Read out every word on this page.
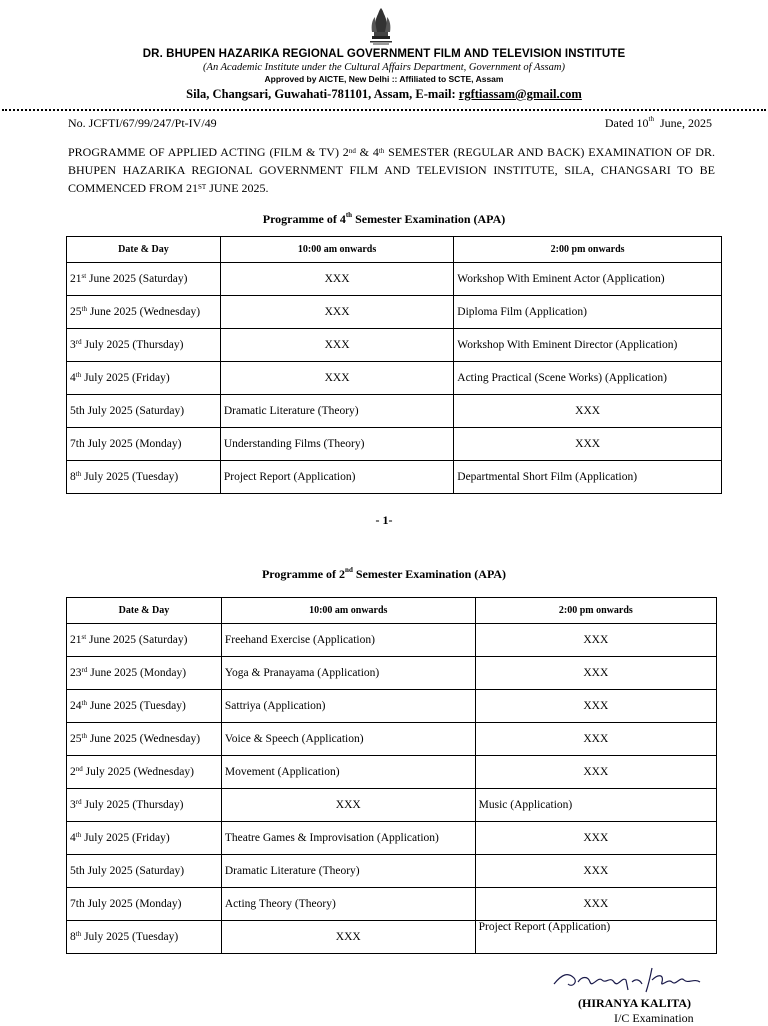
DR. BHUPEN HAZARIKA REGIONAL GOVERNMENT FILM AND TELEVISION INSTITUTE
(An Academic Institute under the Cultural Affairs Department, Government of Assam)
Approved by AICTE, New Delhi :: Affiliated to SCTE, Assam
Sila, Changsari, Guwahati-781101, Assam, E-mail: rgftiassam@gmail.com
No. JCFTI/67/99/247/Pt-IV/49	Dated 10th  June, 2025
PROGRAMME OF APPLIED ACTING (FILM & TV) 2nd & 4th SEMESTER (REGULAR AND BACK) EXAMINATION OF DR. BHUPEN HAZARIKA REGIONAL GOVERNMENT FILM AND TELEVISION INSTITUTE, SILA, CHANGSARI TO BE COMMENCED FROM 21ST JUNE 2025.
Programme of 4th Semester Examination (APA)
Date & Day	10:00 am onwards	2:00 pm onwards
21st June 2025 (Saturday)	XXX	Workshop With Eminent Actor (Application)
25th June 2025 (Wednesday)	XXX	Diploma Film (Application)
3rd July 2025 (Thursday)	XXX	Workshop With Eminent Director (Application)
4th July 2025 (Friday)	XXX	Acting Practical (Scene Works) (Application)
5th July 2025 (Saturday)	Dramatic Literature (Theory)	XXX
7th July 2025 (Monday)	Understanding Films (Theory)	XXX
8th July 2025 (Tuesday)	Project Report (Application)	Departmental Short Film (Application)
- 1-
Programme of 2nd Semester Examination (APA)
Date & Day	10:00 am onwards	2:00 pm onwards
21st June 2025 (Saturday)	Freehand Exercise (Application)	XXX
23rd June 2025 (Monday)	Yoga & Pranayama (Application)	XXX
24th June 2025 (Tuesday)	Sattriya (Application)	XXX
25th June 2025 (Wednesday)	Voice & Speech (Application)	XXX
2nd July 2025 (Wednesday)	Movement (Application)	XXX
3rd July 2025 (Thursday)	XXX	Music (Application)
4th July 2025 (Friday)	Theatre Games & Improvisation (Application)	XXX
5th July 2025 (Saturday)	Dramatic Literature (Theory)	XXX
7th July 2025 (Monday)	Acting Theory (Theory)	XXX
8th July 2025 (Tuesday)	XXX	Project Report (Application)
(HIRANYA KALITA)
I/C Examination
